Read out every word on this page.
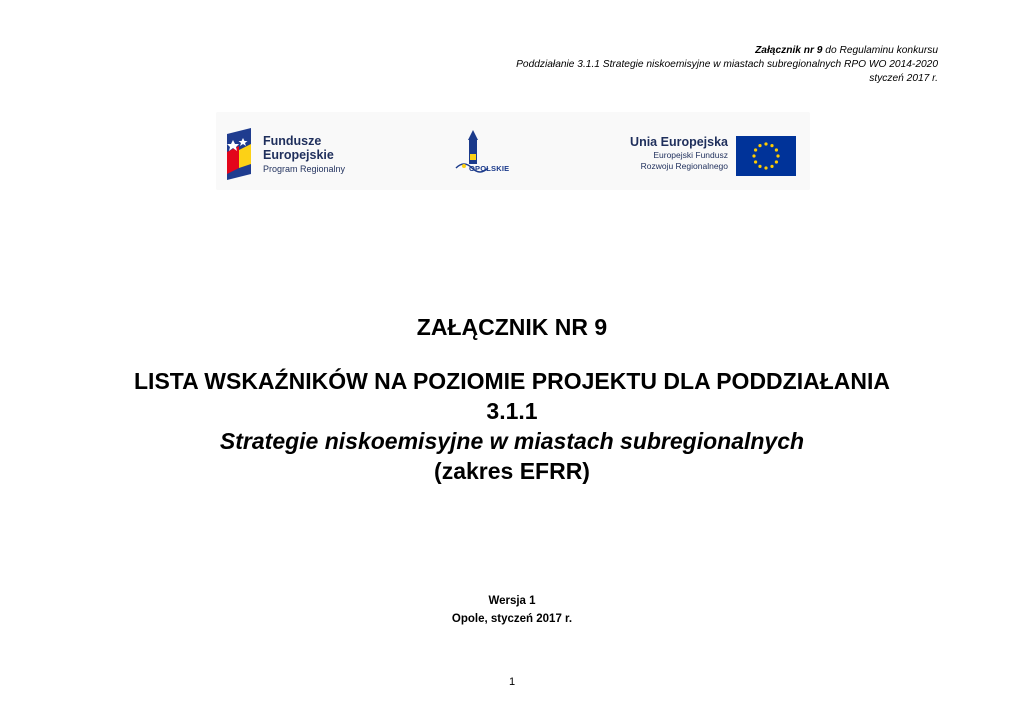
Załącznik nr 9 do Regulaminu konkursu
Poddziałanie 3.1.1 Strategie niskoemisyjne w miastach subregionalnych RPO WO 2014-2020
styczeń 2017 r.
Fundusze
Europejskie
Program Regionalny	OPOLSKIE
Unia Europejska
Europejski Fundusz
Rozwoju Regionalnego
ZAŁĄCZNIK NR 9
LISTA WSKAŹNIKÓW NA POZIOMIE PROJEKTU DLA PODDZIAŁANIA
3.1.1
Strategie niskoemisyjne w miastach subregionalnych
(zakres EFRR)
Wersja 1
Opole, styczeń 2017 r.
1
